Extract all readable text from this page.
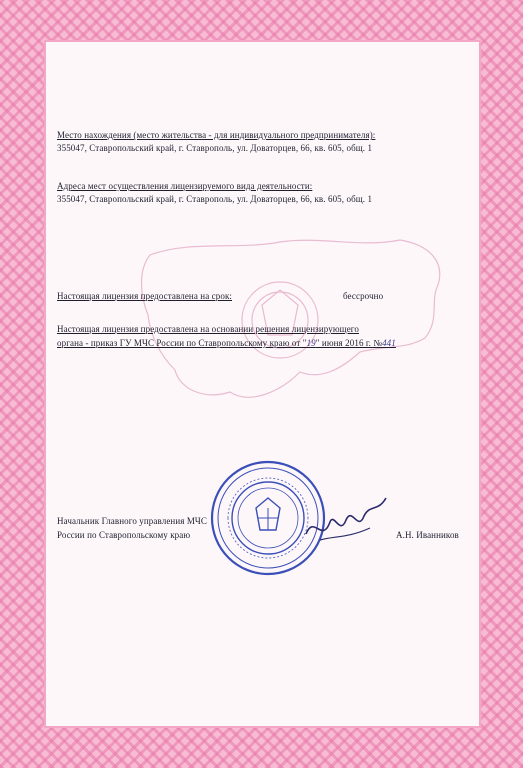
Место нахождения (место жительства - для индивидуального предпринимателя):
355047, Ставропольский край, г. Ставрополь, ул. Доваторцев, 66, кв. 605, общ. 1
Адреса мест осуществления лицензируемого вида деятельности:
355047, Ставропольский край, г. Ставрополь, ул. Доваторцев, 66, кв. 605, общ. 1
Настоящая лицензия предоставлена на срок:	бессрочно
Настоящая лицензия предоставлена на основании решения лицензирующего
органа - приказ ГУ МЧС России по Ставропольскому краю от "19" июня 2016 г. №441
Начальник Главного управления МЧС
России по Ставропольскому краю	А.Н. Иванников
